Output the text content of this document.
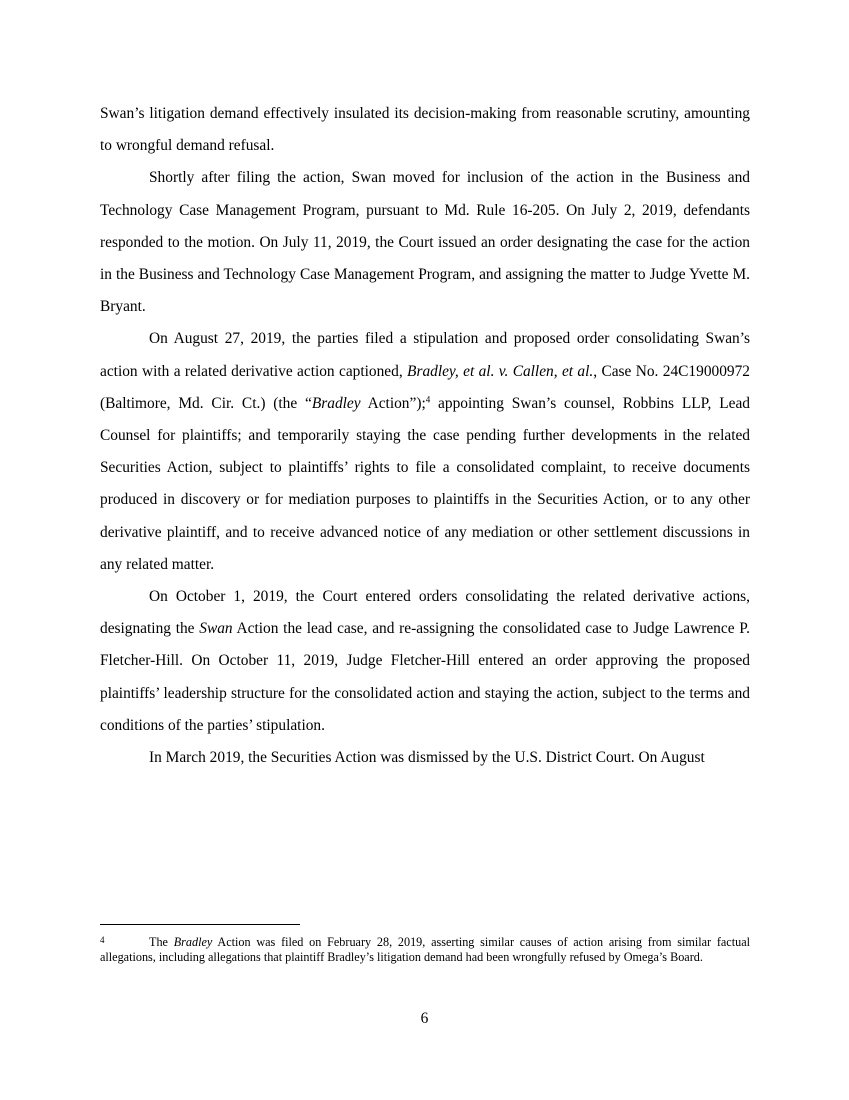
Swan’s litigation demand effectively insulated its decision-making from reasonable scrutiny, amounting to wrongful demand refusal.

Shortly after filing the action, Swan moved for inclusion of the action in the Business and Technology Case Management Program, pursuant to Md. Rule 16-205. On July 2, 2019, defendants responded to the motion. On July 11, 2019, the Court issued an order designating the case for the action in the Business and Technology Case Management Program, and assigning the matter to Judge Yvette M. Bryant.

On August 27, 2019, the parties filed a stipulation and proposed order consolidating Swan’s action with a related derivative action captioned, Bradley, et al. v. Callen, et al., Case No. 24C19000972 (Baltimore, Md. Cir. Ct.) (the “Bradley Action”);$^4$ appointing Swan’s counsel, Robbins LLP, Lead Counsel for plaintiffs; and temporarily staying the case pending further developments in the related Securities Action, subject to plaintiffs’ rights to file a consolidated complaint, to receive documents produced in discovery or for mediation purposes to plaintiffs in the Securities Action, or to any other derivative plaintiff, and to receive advanced notice of any mediation or other settlement discussions in any related matter.

On October 1, 2019, the Court entered orders consolidating the related derivative actions, designating the Swan Action the lead case, and re-assigning the consolidated case to Judge Lawrence P. Fletcher-Hill. On October 11, 2019, Judge Fletcher-Hill entered an order approving the proposed plaintiffs’ leadership structure for the consolidated action and staying the action, subject to the terms and conditions of the parties’ stipulation.

In March 2019, the Securities Action was dismissed by the U.S. District Court. On August

4	The Bradley Action was filed on February 28, 2019, asserting similar causes of action arising from similar factual allegations, including allegations that plaintiff Bradley’s litigation demand had been wrongfully refused by Omega’s Board.
6
